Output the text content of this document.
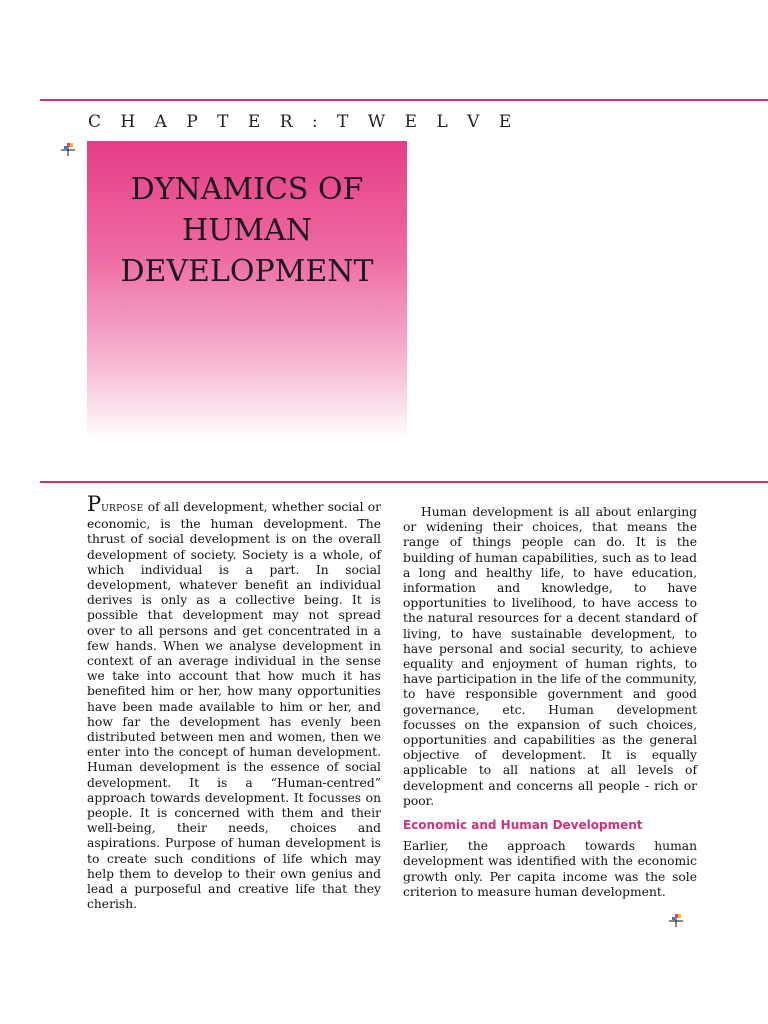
C H A P T E R : T W E L V E
DYNAMICS OF
HUMAN
DEVELOPMENT

PURPOSE of all development, whether social or economic, is the human development. The thrust of social development is on the overall development of society. Society is a whole, of which individual is a part. In social development, whatever benefit an individual derives is only as a collective being. It is possible that development may not spread over to all persons and get concentrated in a few hands. When we analyse development in context of an average individual in the sense we take into account that how much it has benefited him or her, how many opportunities have been made available to him or her, and how far the development has evenly been distributed between men and women, then we enter into the concept of human development. Human development is the essence of social development. It is a “Human-centred” approach towards development. It focusses on people. It is concerned with them and their well-being, their needs, choices and aspirations. Purpose of human development is to create such conditions of life which may help them to develop to their own genius and lead a purposeful and creative life that they cherish.

Human development is all about enlarging or widening their choices, that means the range of things people can do. It is the building of human capabilities, such as to lead a long and healthy life, to have education, information and knowledge, to have opportunities to livelihood, to have access to the natural resources for a decent standard of living, to have sustainable development, to have personal and social security, to achieve equality and enjoyment of human rights, to have participation in the life of the community, to have responsible government and good governance, etc. Human development focusses on the expansion of such choices, opportunities and capabilities as the general objective of development. It is equally applicable to all nations at all levels of development and concerns all people - rich or poor.

Economic and Human Development

Earlier, the approach towards human development was identified with the economic growth only. Per capita income was the sole criterion to measure human development.
